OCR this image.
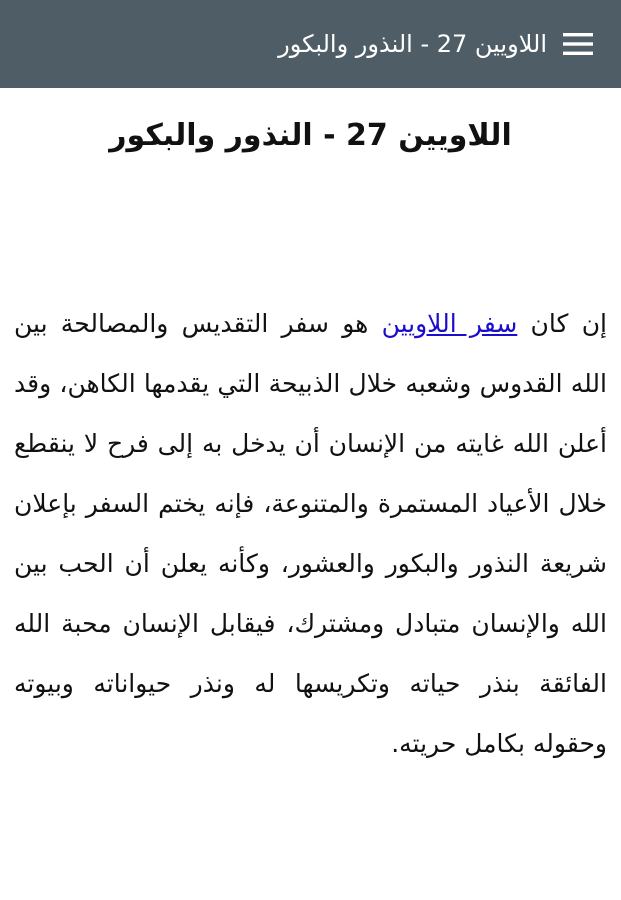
اللاويين 27 - النذور والبكور
اللاويين 27 - النذور والبكور

إن كان سفر اللاويين هو سفر التقديس والمصالحة بين الله القدوس وشعبه خلال الذبيحة التي يقدمها الكاهن، وقد أعلن الله غايته من الإنسان أن يدخل به إلى فرح لا ينقطع خلال الأعياد المستمرة والمتنوعة، فإنه يختم السفر بإعلان شريعة النذور والبكور والعشور، وكأنه يعلن أن الحب بين الله والإنسان متبادل ومشترك، فيقابل الإنسان محبة الله الفائقة بنذر حياته وتكريسها له ونذر حيواناته وبيوته وحقوله بكامل حريته.
